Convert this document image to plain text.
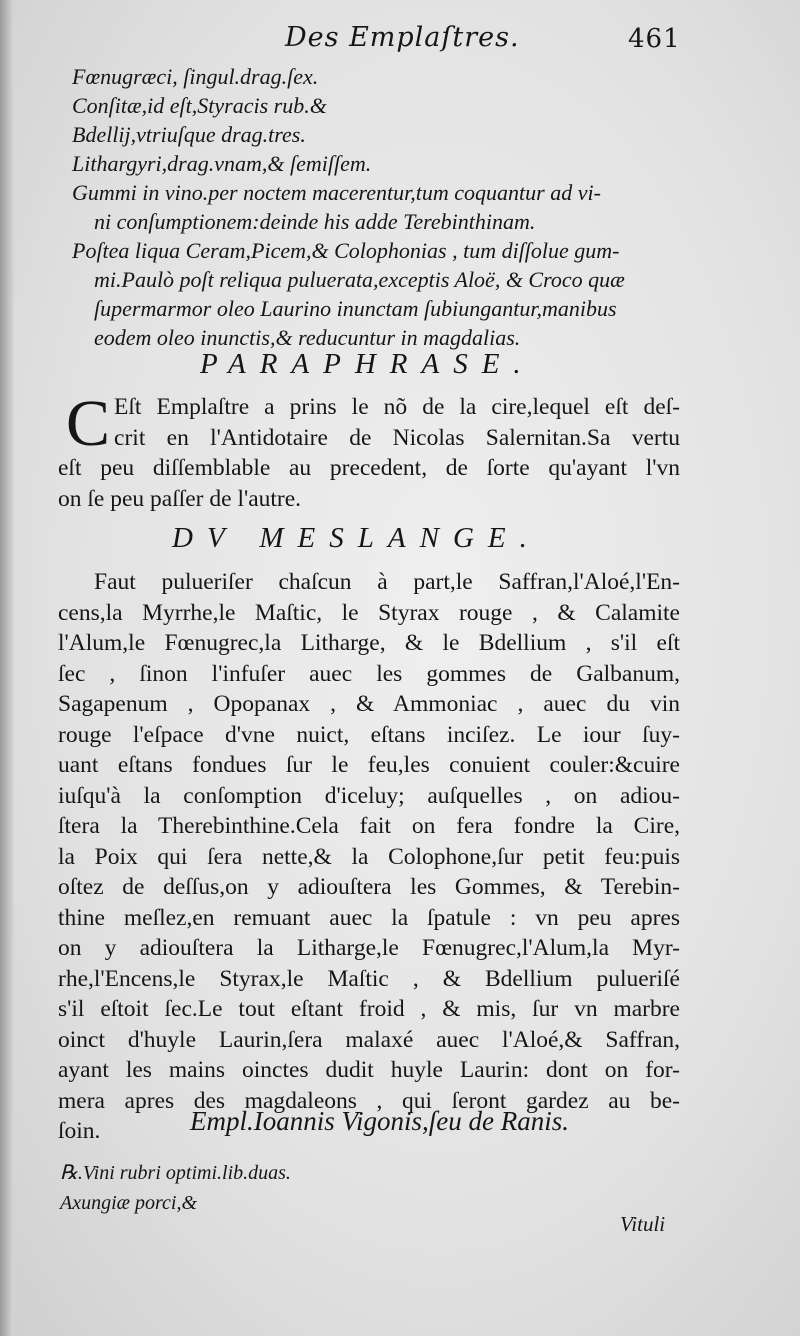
Des Emplaſtres.	461
Fœnugræci, ſingul.drag.ſex.
Conſitæ,id eſt,Styracis rub.&
Bdellij,vtriuſque drag.tres.
Lithargyri,drag.vnam,& ſemiſſem.
Gummi in vino.per noctem macerentur,tum coquantur ad vi-
ni conſumptionem:deinde his adde Terebinthinam.
Poſtea liqua Ceram,Picem,& Colophonias , tum diſſolue gum-
mi.Paulò poſt reliqua puluerata,exceptis Aloë, & Croco quæ
ſupermarmor oleo Laurino inunctam ſubiungantur,manibus
eodem oleo inunctis,& reducuntur in magdalias.
PARAPHRASE.
C Eſt Emplaſtre a prins le nõ de la cire,lequel eſt deſ-
crit en l'Antidotaire de Nicolas Salernitan.Sa vertu
eſt peu diſſemblable au precedent, de ſorte qu'ayant l'vn
on ſe peu paſſer de l'autre.
DV MESLANGE.
Faut pulueriſer chaſcun à part,le Saffran,l'Aloé,l'En-
cens,la Myrrhe,le Maſtic, le Styrax rouge , & Calamite
l'Alum,le Fœnugrec,la Litharge, & le Bdellium , s'il eſt
ſec , ſinon l'infuſer auec les gommes de Galbanum,
Sagapenum , Opopanax , & Ammoniac , auec du vin
rouge l'eſpace d'vne nuict, eſtans inciſez. Le iour ſuy-
uant eſtans fondues ſur le feu,les conuient couler:&cuire
iuſqu'à la conſomption d'iceluy; auſquelles , on adiou-
ſtera la Therebinthine.Cela fait on fera fondre la Cire,
la Poix qui ſera nette,& la Colophone,ſur petit feu:puis
oſtez de deſſus,on y adiouſtera les Gommes, & Terebin-
thine meſlez,en remuant auec la ſpatule : vn peu apres
on y adiouſtera la Litharge,le Fœnugrec,l'Alum,la Myr-
rhe,l'Encens,le Styrax,le Maſtic , & Bdellium pulueriſé
s'il eſtoit ſec.Le tout eſtant froid , & mis, ſur vn marbre
oinct d'huyle Laurin,ſera malaxé auec l'Aloé,& Saffran,
ayant les mains oinctes dudit huyle Laurin: dont on for-
mera apres des magdaleons , qui ſeront gardez au be-
ſoin.	Empl.Ioannis Vigonis,ſeu de Ranis.
℞.Vini rubri optimi.lib.duas.
Axungiæ porci,&
Vituli
